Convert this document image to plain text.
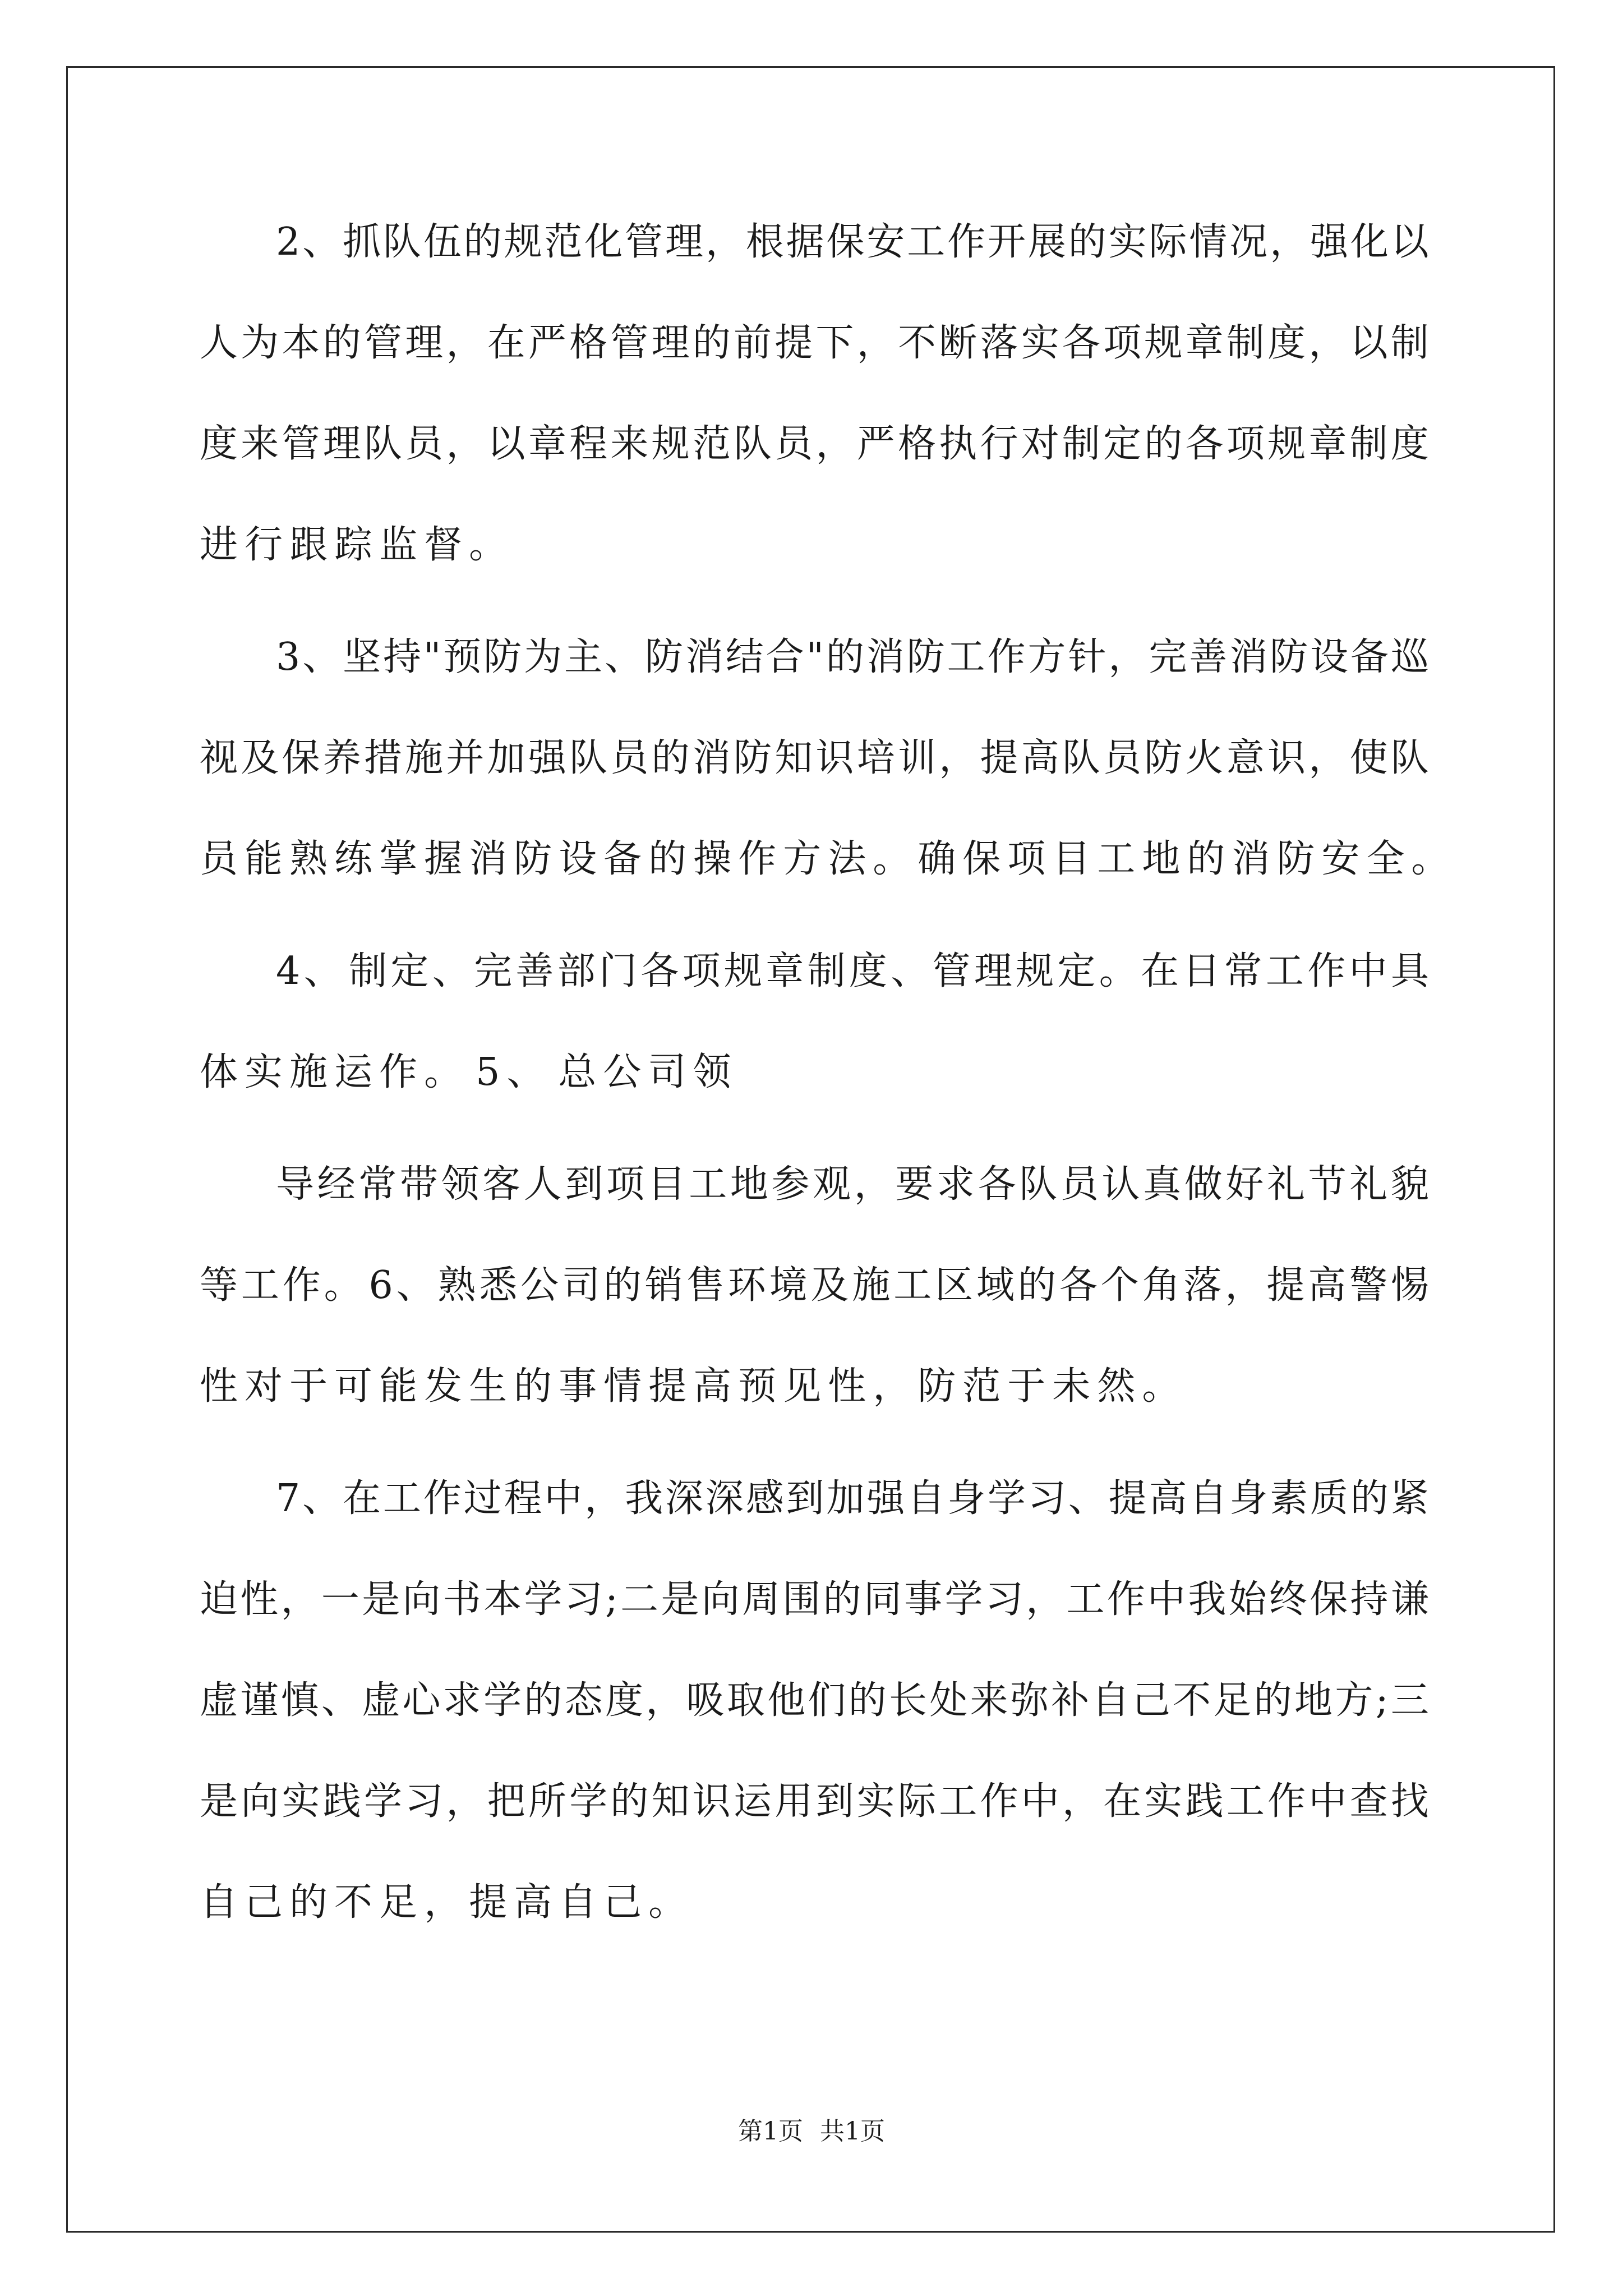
2 、 抓 队 伍 的 规 范 化 管 理 ， 根 据 保 安 工 作 开 展 的 实 际 情 况 ， 强 化 以
人 为 本 的 管 理 ， 在 严 格 管 理 的 前 提 下 ， 不 断 落 实 各 项 规 章 制 度 ， 以 制
度 来 管 理 队 员 ， 以 章 程 来 规 范 队 员 ， 严 格 执 行 对 制 定 的 各 项 规 章 制 度
进 行 跟 踪 监 督 。
3 、 坚 持 " 预 防 为 主 、 防 消 结 合 " 的 消 防 工 作 方 针 ， 完 善 消 防 设 备 巡
视 及 保 养 措 施 并 加 强 队 员 的 消 防 知 识 培 训 ， 提 高 队 员 防 火 意 识 ， 使 队
员 能 熟 练 掌 握 消 防 设 备 的 操 作 方 法 。 确 保 项 目 工 地 的 消 防 安 全 。
4 、 制 定 、 完 善 部 门 各 项 规 章 制 度 、 管 理 规 定 。 在 日 常 工 作 中 具
体 实 施 运 作 。 5 、 总 公 司 领
导 经 常 带 领 客 人 到 项 目 工 地 参 观 ， 要 求 各 队 员 认 真 做 好 礼 节 礼 貌
等 工 作 。 6 、 熟 悉 公 司 的 销 售 环 境 及 施 工 区 域 的 各 个 角 落 ， 提 高 警 惕
性 对 于 可 能 发 生 的 事 情 提 高 预 见 性 ， 防 范 于 未 然 。
7 、 在 工 作 过 程 中 ， 我 深 深 感 到 加 强 自 身 学 习 、 提 高 自 身 素 质 的 紧
迫 性 ， 一 是 向 书 本 学 习 ; 二 是 向 周 围 的 同 事 学 习 ， 工 作 中 我 始 终 保 持 谦
虚 谨 慎 、 虚 心 求 学 的 态 度 ， 吸 取 他 们 的 长 处 来 弥 补 自 己 不 足 的 地 方 ; 三
是 向 实 践 学 习 ， 把 所 学 的 知 识 运 用 到 实 际 工 作 中 ， 在 实 践 工 作 中 查 找
自 己 的 不 足 ， 提 高 自 己 。
第1页 共1页
